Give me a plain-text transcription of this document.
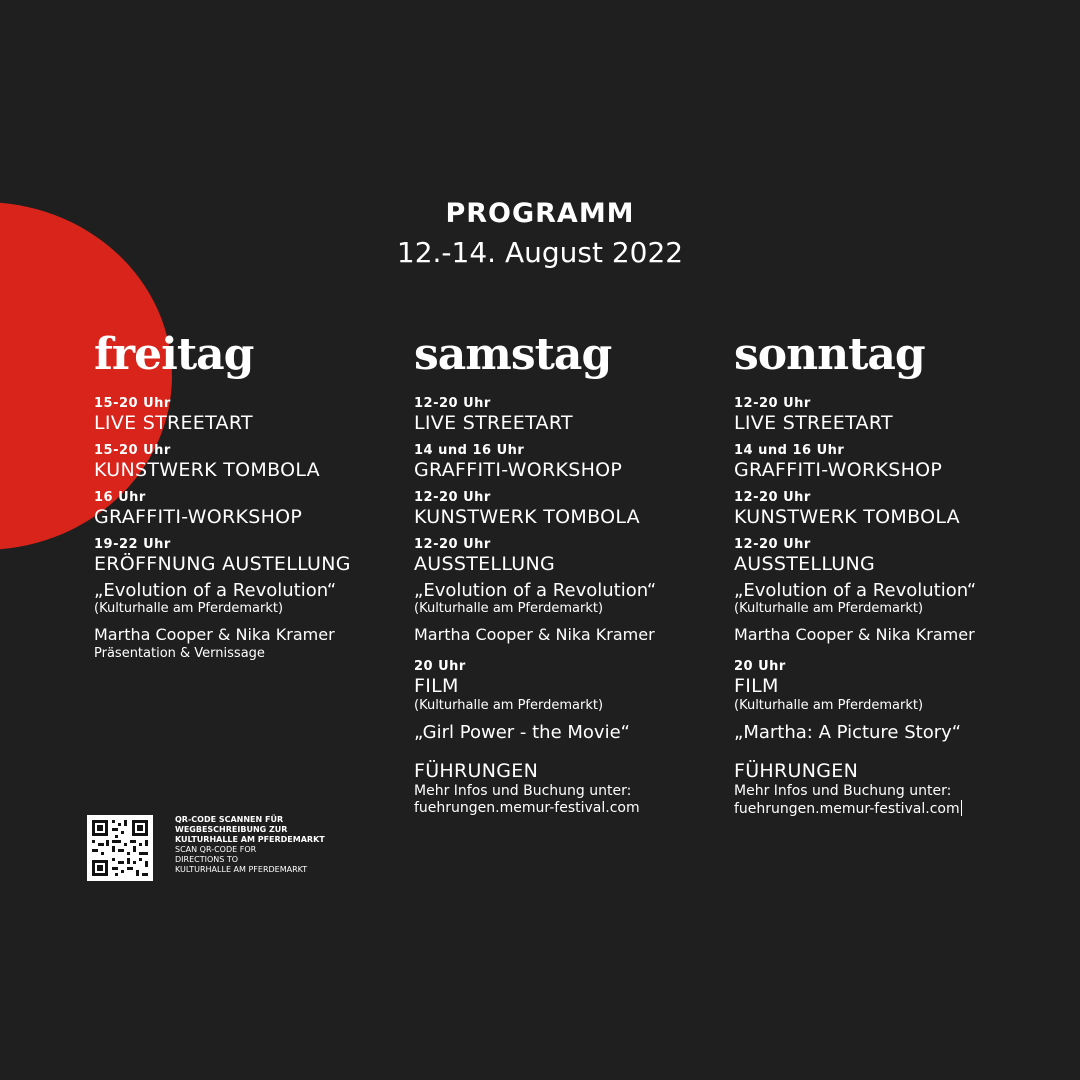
PROGRAMM
12.-14. August 2022
freitag
15-20 Uhr
LIVE STREETART
15-20 Uhr
KUNSTWERK TOMBOLA
16 Uhr
GRAFFITI-WORKSHOP
19-22 Uhr
ERÖFFNUNG AUSTELLUNG
„Evolution of a Revolution“
(Kulturhalle am Pferdemarkt)
Martha Cooper & Nika Kramer
Präsentation & Vernissage
samstag
12-20 Uhr
LIVE STREETART
14 und 16 Uhr
GRAFFITI-WORKSHOP
12-20 Uhr
KUNSTWERK TOMBOLA
12-20 Uhr
AUSSTELLUNG
„Evolution of a Revolution“
(Kulturhalle am Pferdemarkt)
Martha Cooper & Nika Kramer
20 Uhr
FILM
(Kulturhalle am Pferdemarkt)
„Girl Power - the Movie“
FÜHRUNGEN
Mehr Infos und Buchung unter:
fuehrungen.memur-festival.com
sonntag
12-20 Uhr
LIVE STREETART
14 und 16 Uhr
GRAFFITI-WORKSHOP
12-20 Uhr
KUNSTWERK TOMBOLA
12-20 Uhr
AUSSTELLUNG
„Evolution of a Revolution“
(Kulturhalle am Pferdemarkt)
Martha Cooper & Nika Kramer
20 Uhr
FILM
(Kulturhalle am Pferdemarkt)
„Martha: A Picture Story“
FÜHRUNGEN
Mehr Infos und Buchung unter:
fuehrungen.memur-festival.com
QR-CODE SCANNEN FÜR
WEGBESCHREIBUNG ZUR
KULTURHALLE AM PFERDEMARKT
SCAN QR-CODE FOR
DIRECTIONS TO
KULTURHALLE AM PFERDEMARKT
